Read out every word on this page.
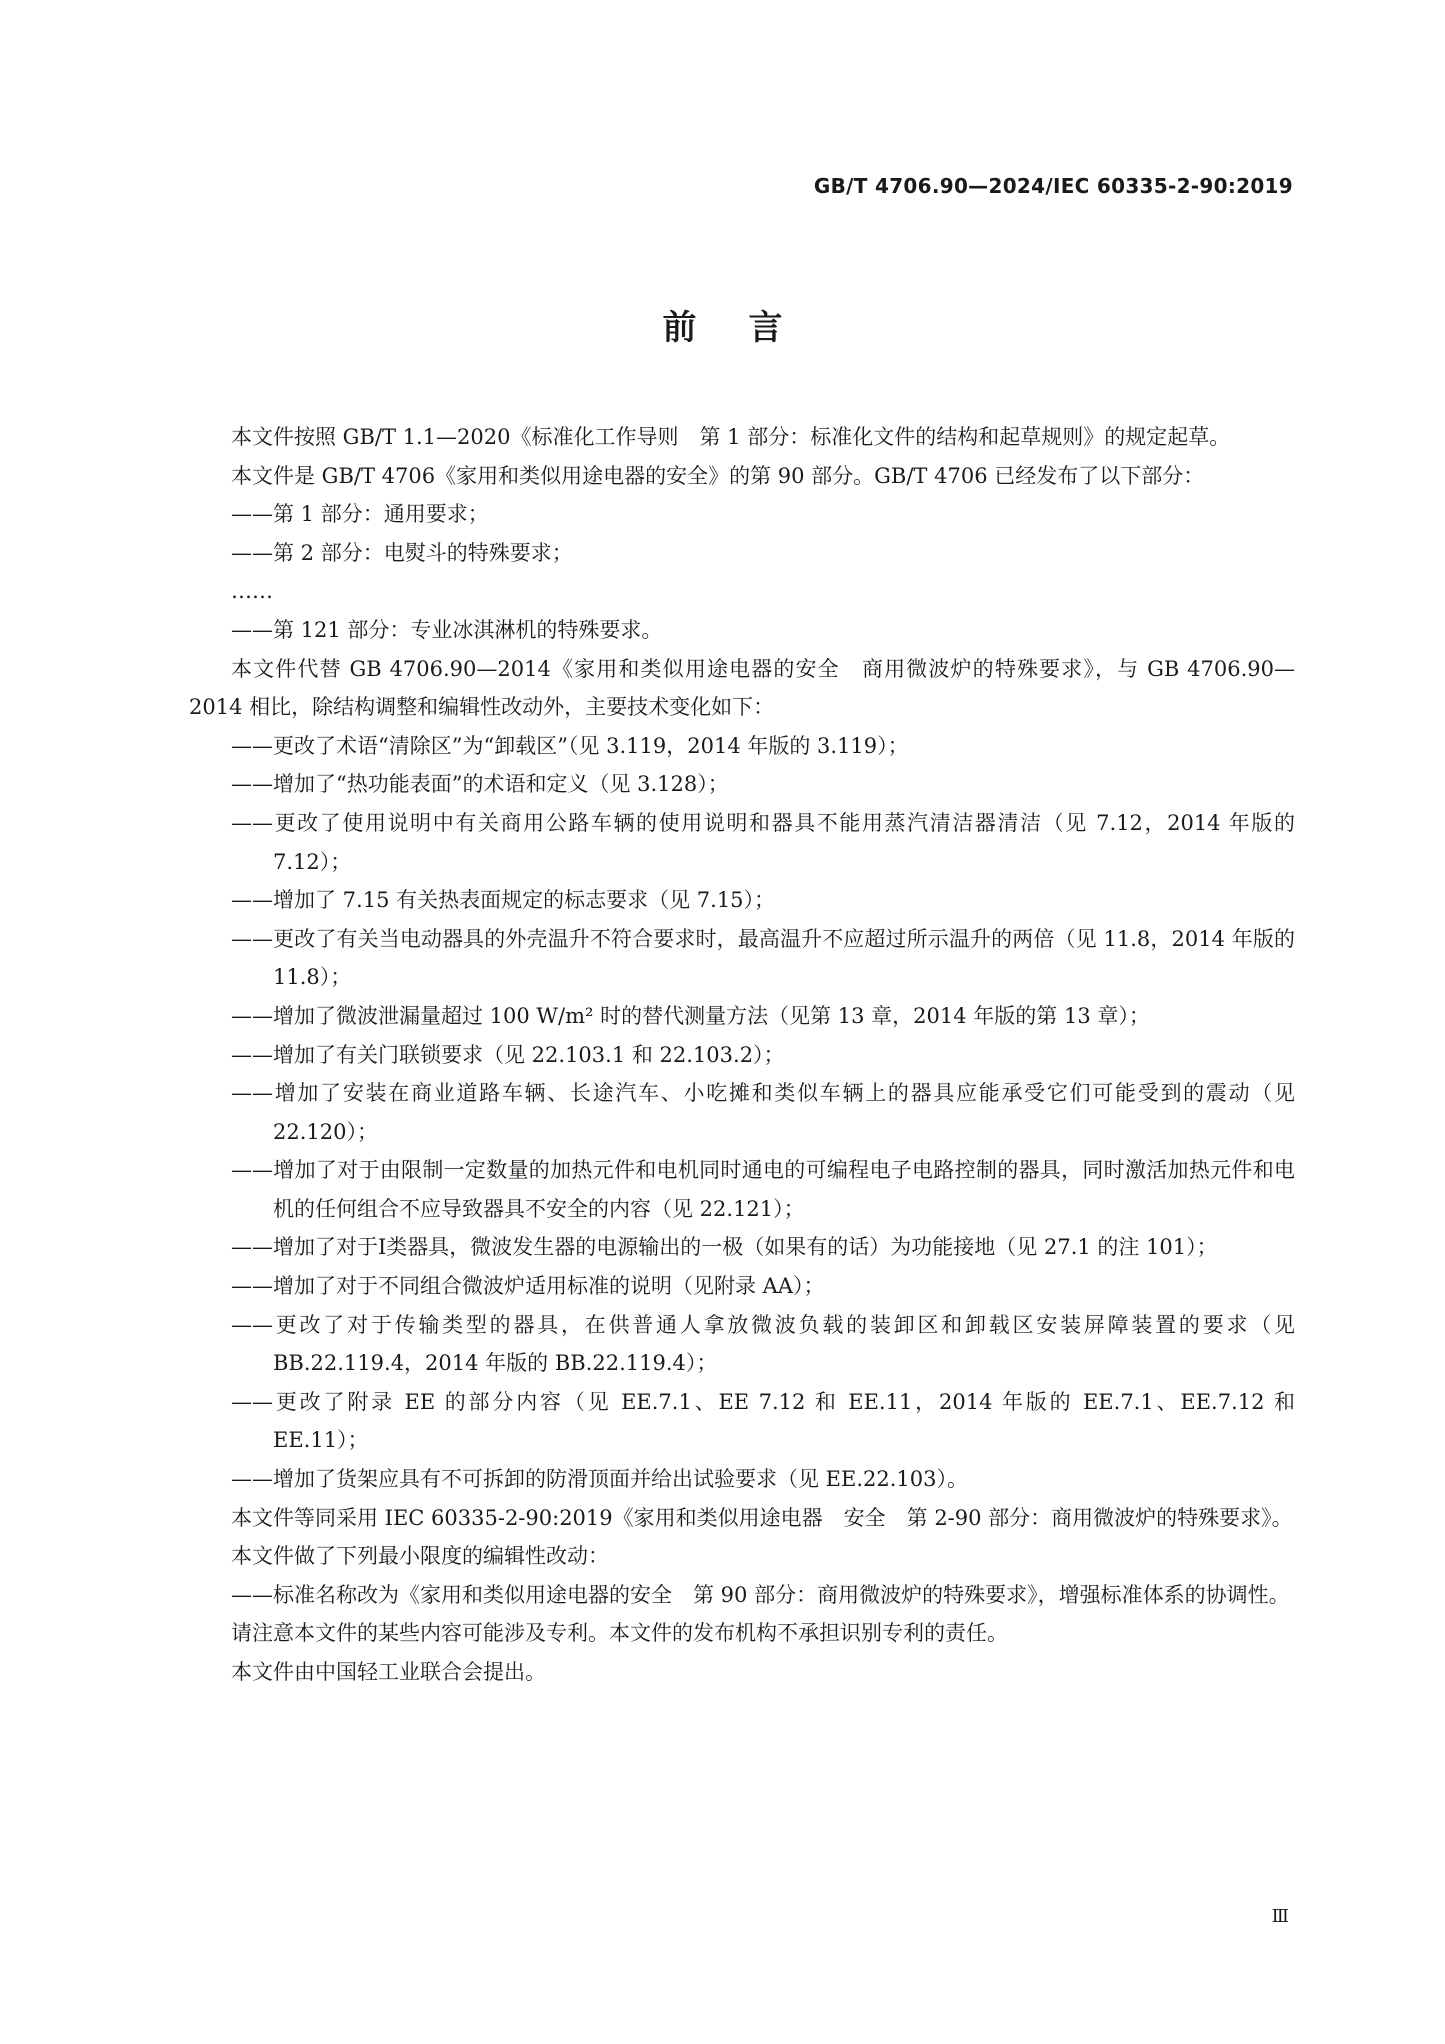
GB/T 4706.90—2024/IEC 60335-2-90:2019
前言

本文件按照 GB/T 1.1—2020《标准化工作导则　第 1 部分：标准化文件的结构和起草规则》的规定起草。

本文件是 GB/T 4706《家用和类似用途电器的安全》的第 90 部分。GB/T 4706 已经发布了以下部分：

——第 1 部分：通用要求；

——第 2 部分：电熨斗的特殊要求；

……

——第 121 部分：专业冰淇淋机的特殊要求。

本文件代替 GB 4706.90—2014《家用和类似用途电器的安全　商用微波炉的特殊要求》，与 GB 4706.90—2014 相比，除结构调整和编辑性改动外，主要技术变化如下：

——更改了术语“清除区”为“卸载区”（见 3.119，2014 年版的 3.119）；

——增加了“热功能表面”的术语和定义（见 3.128）；

——更改了使用说明中有关商用公路车辆的使用说明和器具不能用蒸汽清洁器清洁（见 7.12，2014 年版的 7.12）；

——增加了 7.15 有关热表面规定的标志要求（见 7.15）；

——更改了有关当电动器具的外壳温升不符合要求时，最高温升不应超过所示温升的两倍（见 11.8，2014 年版的 11.8）；

——增加了微波泄漏量超过 100 W/m² 时的替代测量方法（见第 13 章，2014 年版的第 13 章）；

——增加了有关门联锁要求（见 22.103.1 和 22.103.2）；

——增加了安装在商业道路车辆、长途汽车、小吃摊和类似车辆上的器具应能承受它们可能受到的震动（见 22.120）；

——增加了对于由限制一定数量的加热元件和电机同时通电的可编程电子电路控制的器具，同时激活加热元件和电机的任何组合不应导致器具不安全的内容（见 22.121）；

——增加了对于Ⅰ类器具，微波发生器的电源输出的一极（如果有的话）为功能接地（见 27.1 的注 101）；

——增加了对于不同组合微波炉适用标准的说明（见附录 AA）；

——更改了对于传输类型的器具，在供普通人拿放微波负载的装卸区和卸载区安装屏障装置的要求（见 BB.22.119.4，2014 年版的 BB.22.119.4）；

——更改了附录 EE 的部分内容（见 EE.7.1、EE 7.12 和 EE.11，2014 年版的 EE.7.1、EE.7.12 和 EE.11）；

——增加了货架应具有不可拆卸的防滑顶面并给出试验要求（见 EE.22.103）。

本文件等同采用 IEC 60335-2-90:2019《家用和类似用途电器　安全　第 2-90 部分：商用微波炉的特殊要求》。

本文件做了下列最小限度的编辑性改动：

——标准名称改为《家用和类似用途电器的安全　第 90 部分：商用微波炉的特殊要求》，增强标准体系的协调性。

请注意本文件的某些内容可能涉及专利。本文件的发布机构不承担识别专利的责任。

本文件由中国轻工业联合会提出。

Ⅲ
